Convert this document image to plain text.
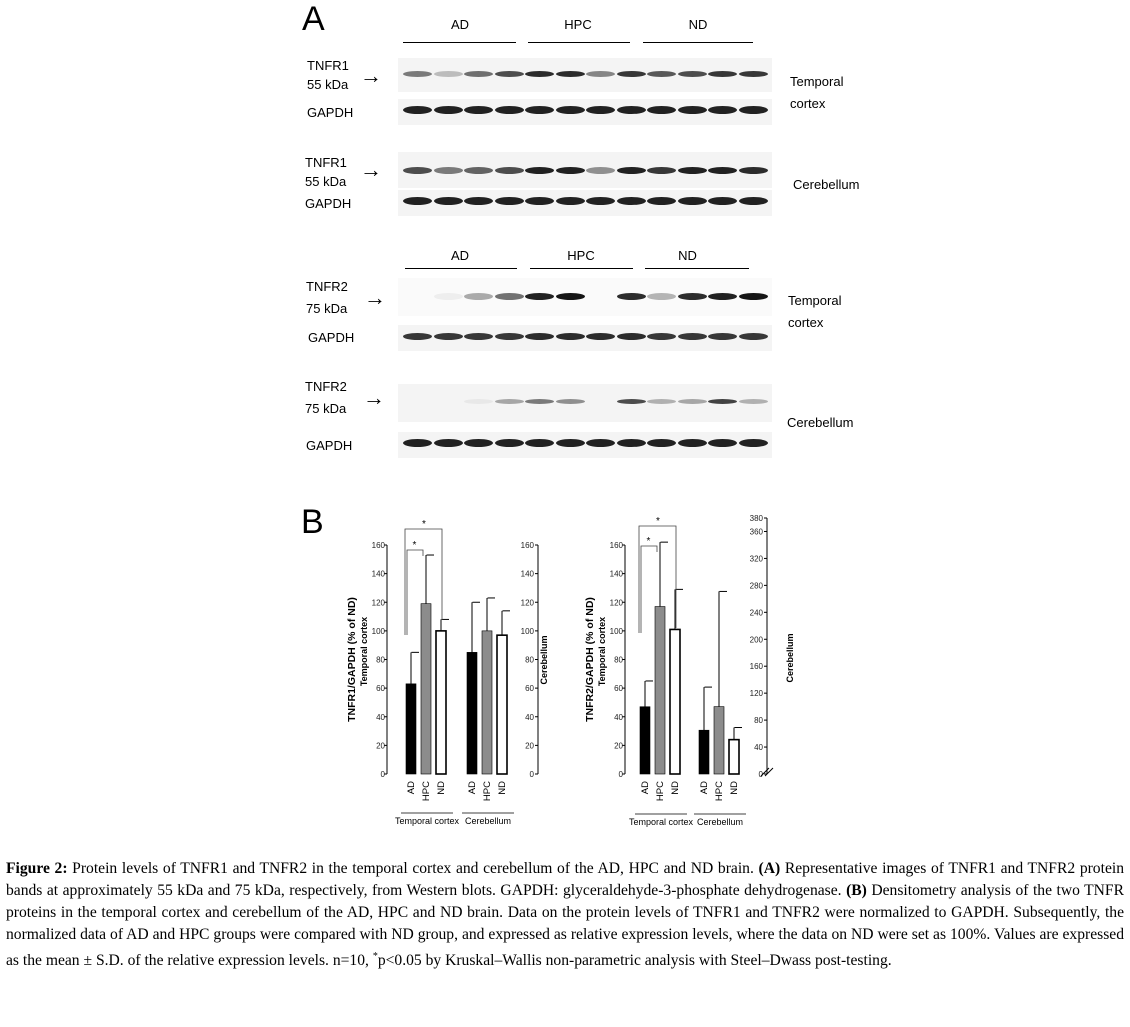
A	AD	HPC	ND
TNFR1
55 kDa →
GAPDH
Temporal
cortex
TNFR1
55 kDa →
GAPDH
Cerebellum
AD	HPC	ND
TNFR2
75 kDa →
GAPDH
Temporal
cortex
TNFR2
75 kDa →
GAPDH
Cerebellum
B
0
20
40
60
80
100
120
140
160
0
20
40
60
80
100
120
140
160
TNFR1/GAPDH (% of ND) Temporal cortex	Cerebellum
AD HPC ND
Temporal cortex
AD HPC ND
Cerebellum
*
*
0
20
40
60
80
100
120
140
160
0
40
80
120
160
200
240
280
320
360
380
TNFR2/GAPDH (% of ND) Temporal cortex	Cerebellum
AD HPC ND
Temporal cortex
AD HPC ND
Cerebellum
*
*
Figure 2: Protein levels of TNFR1 and TNFR2 in the temporal cortex and cerebellum of the AD, HPC and ND brain. (A) Representative images of TNFR1 and TNFR2 protein bands at approximately 55 kDa and 75 kDa, respectively, from Western blots. GAPDH: glyceraldehyde-3-phosphate dehydrogenase. (B) Densitometry analysis of the two TNFR proteins in the temporal cortex and cerebellum of the AD, HPC and ND brain. Data on the protein levels of TNFR1 and TNFR2 were normalized to GAPDH. Subsequently, the normalized data of AD and HPC groups were compared with ND group, and expressed as relative expression levels, where the data on ND were set as 100%. Values are expressed as the mean ± S.D. of the relative expression levels. n=10, *p<0.05 by Kruskal–Wallis non-parametric analysis with Steel–Dwass post-testing.
